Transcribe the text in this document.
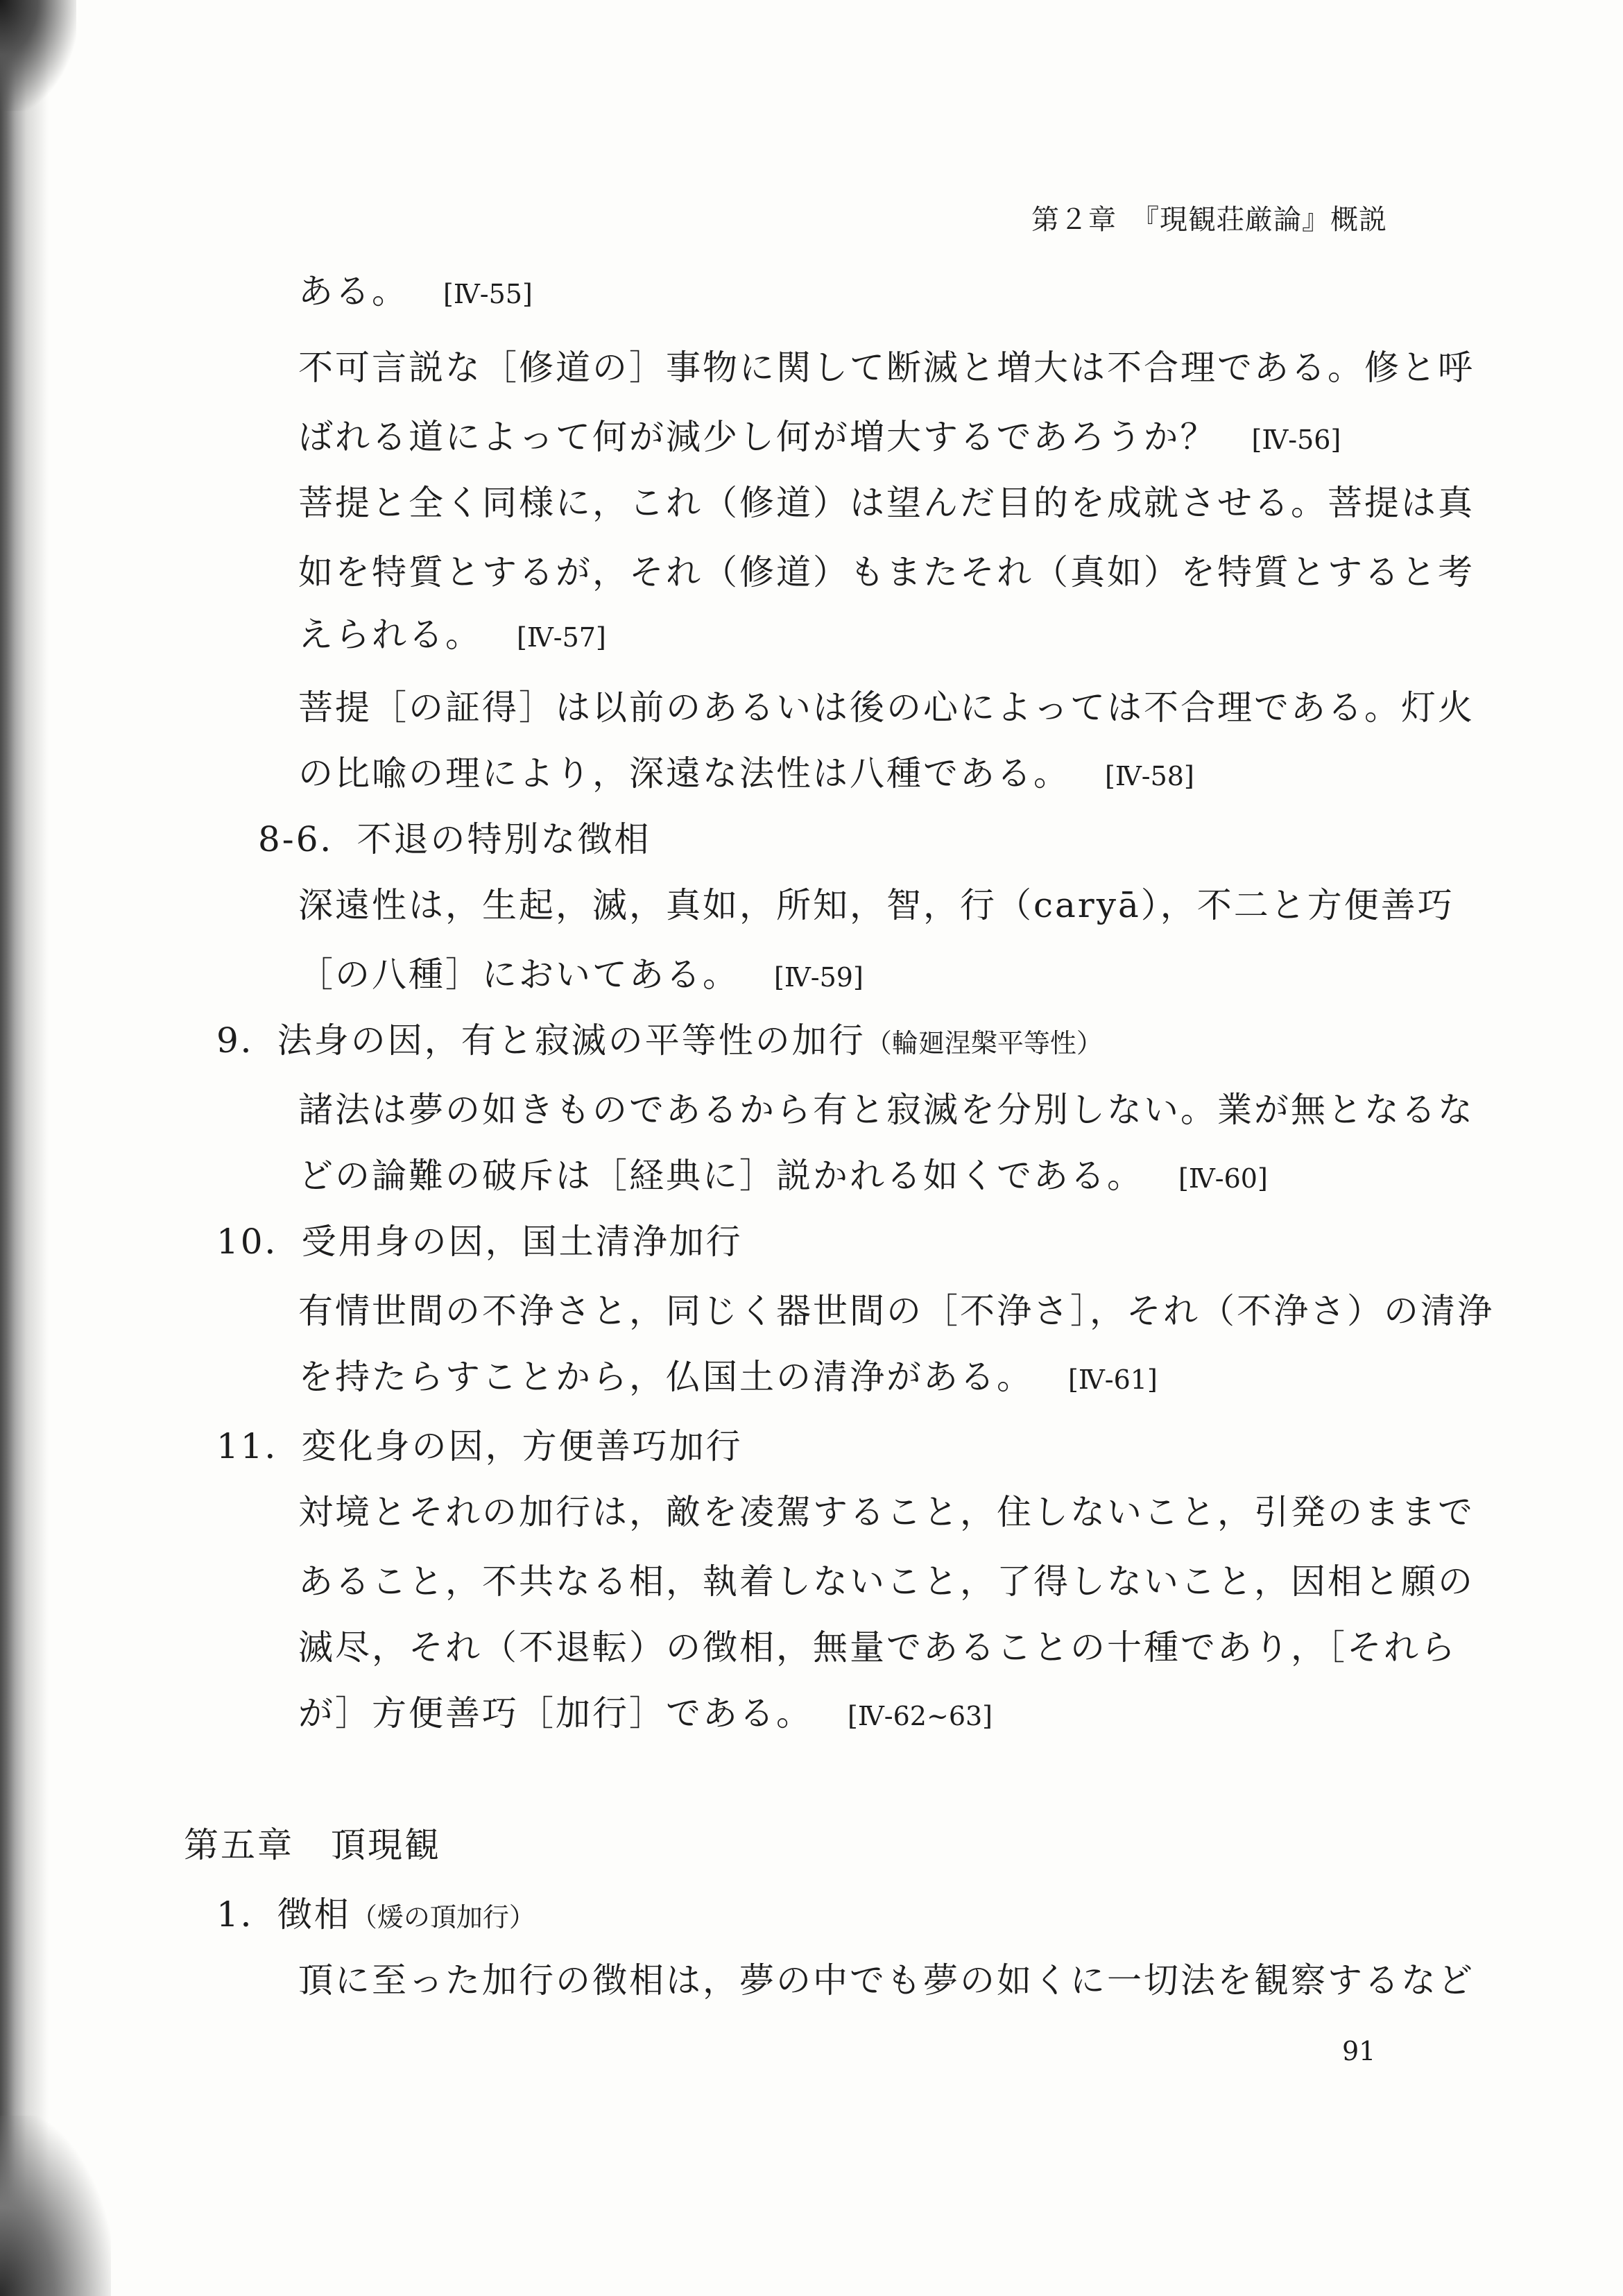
第２章　『現観荘厳論』概説
ある。 [Ⅳ-55]
不可言説な［修道の］事物に関して断滅と増大は不合理である。修と呼
ばれる道によって何が減少し何が増大するであろうか？ [Ⅳ-56]
菩提と全く同様に，これ（修道）は望んだ目的を成就させる。菩提は真
如を特質とするが，それ（修道）もまたそれ（真如）を特質とすると考
えられる。 [Ⅳ-57]
菩提［の証得］は以前のあるいは後の心によっては不合理である。灯火
の比喩の理により，深遠な法性は八種である。 [Ⅳ-58]
8-6．不退の特別な徴相
深遠性は，生起，滅，真如，所知，智，行（caryā），不二と方便善巧
［の八種］においてある。 [Ⅳ-59]
9．法身の因，有と寂滅の平等性の加行（輪廻涅槃平等性）
諸法は夢の如きものであるから有と寂滅を分別しない。業が無となるな
どの論難の破斥は［経典に］説かれる如くである。 [Ⅳ-60]
10．受用身の因，国土清浄加行
有情世間の不浄さと，同じく器世間の［不浄さ］，それ（不浄さ）の清浄
を持たらすことから，仏国土の清浄がある。 [Ⅳ-61]
11．変化身の因，方便善巧加行
対境とそれの加行は，敵を凌駕すること，住しないこと，引発のままで
あること，不共なる相，執着しないこと，了得しないこと，因相と願の
滅尽，それ（不退転）の徴相，無量であることの十種であり，［それら
が］方便善巧［加行］である。 [Ⅳ-62~63]
第五章　頂現観
1．徴相（煖の頂加行）
頂に至った加行の徴相は，夢の中でも夢の如くに一切法を観察するなど
91
